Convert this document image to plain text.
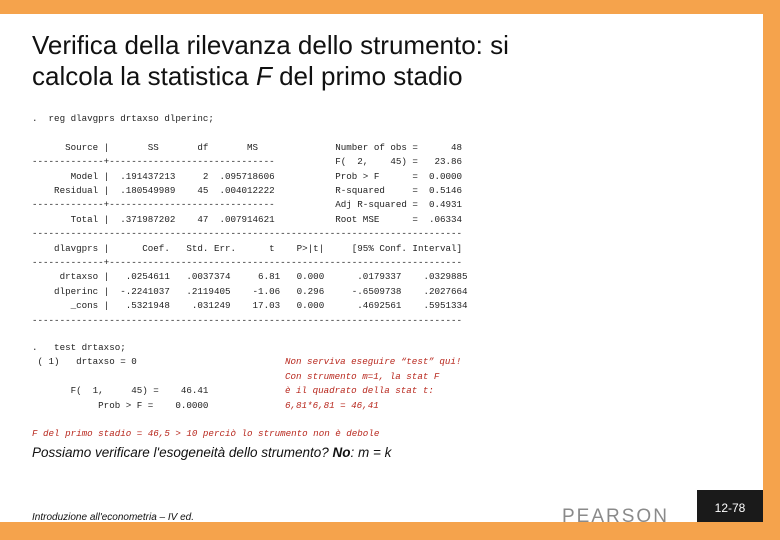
Verifica della rilevanza dello strumento: si
calcola la statistica F del primo stadio
.  reg dlavgprs drtaxso dlperinc;

Source |       SS       df       MS              Number of obs =      48
-------------+------------------------------           F(  2,    45) =   23.86
Model |  .191437213     2  .095718606           Prob > F      =  0.0000
Residual |  .180549989    45  .004012222           R-squared     =  0.5146
-------------+------------------------------           Adj R-squared =  0.4931
Total |  .371987202    47  .007914621           Root MSE      =  .06334
------------------------------------------------------------------------------
dlavgprs |      Coef.   Std. Err.      t    P>|t|     [95% Conf. Interval]
-------------+----------------------------------------------------------------
drtaxso |   .0254611   .0037374     6.81   0.000      .0179337    .0329885
dlperinc |  -.2241037   .2119405    -1.06   0.296     -.6509738    .2027664
_cons |   .5321948    .031249    17.03   0.000      .4692561    .5951334
------------------------------------------------------------------------------
.   test drtaxso;
( 1)   drtaxso = 0

F(  1,     45) =    46.41
Prob > F =    0.0000
Non serviva eseguire “test” qui!
Con strumento m=1, la stat F
è il quadrato della stat t:
6,81*6,81 = 46,41
F del primo stadio = 46,5 > 10 perciò lo strumento non è debole
Possiamo verificare l'esogeneità dello strumento? No: m = k
Introduzione all'econometria – IV ed.	PEARSON	12-78
